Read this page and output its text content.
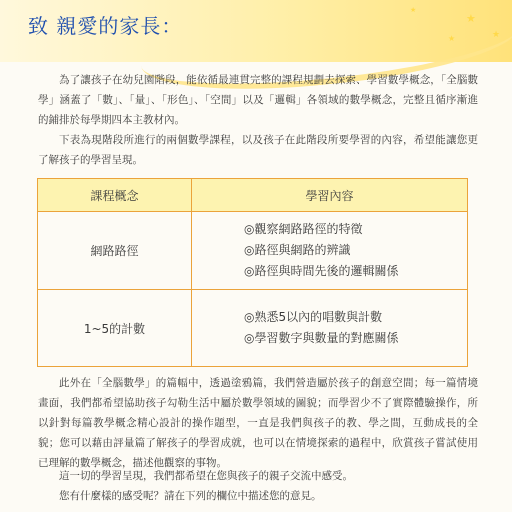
★
★	★
★
致 親愛的家長：

為了讓孩子在幼兒園階段，能依循最連貫完整的課程規劃去探索、學習數學概念，「全腦數學」涵蓋了「數」、「量」、「形色」、「空間」以及「邏輯」各領域的數學概念，完整且循序漸進的鋪排於每學期四本主教材內。

下表為現階段所進行的兩個數學課程，以及孩子在此階段所要學習的內容，希望能讓您更了解孩子的學習呈現。

課程概念	學習內容
網路路徑	◎觀察網路路徑的特徵
◎路徑與網路的辨識
◎路徑與時間先後的邏輯關係

1~5的計數	◎熟悉5以內的唱數與計數
◎學習數字與數量的對應關係

此外在「全腦數學」的篇幅中，透過塗鴉篇，我們營造屬於孩子的創意空間；每一篇情境畫面，我們都希望協助孩子勾勒生活中屬於數學領域的圖貌；而學習少不了實際體驗操作，所以針對每篇教學概念精心設計的操作題型，一直是我們與孩子的教、學之間，互動成長的全貌；您可以藉由評量篇了解孩子的學習成就，也可以在情境探索的過程中，欣賞孩子嘗試使用已理解的數學概念，描述他觀察的事物。

這一切的學習呈現，我們都希望在您與孩子的親子交流中感受。

您有什麼樣的感受呢？請在下列的欄位中描述您的意見。
